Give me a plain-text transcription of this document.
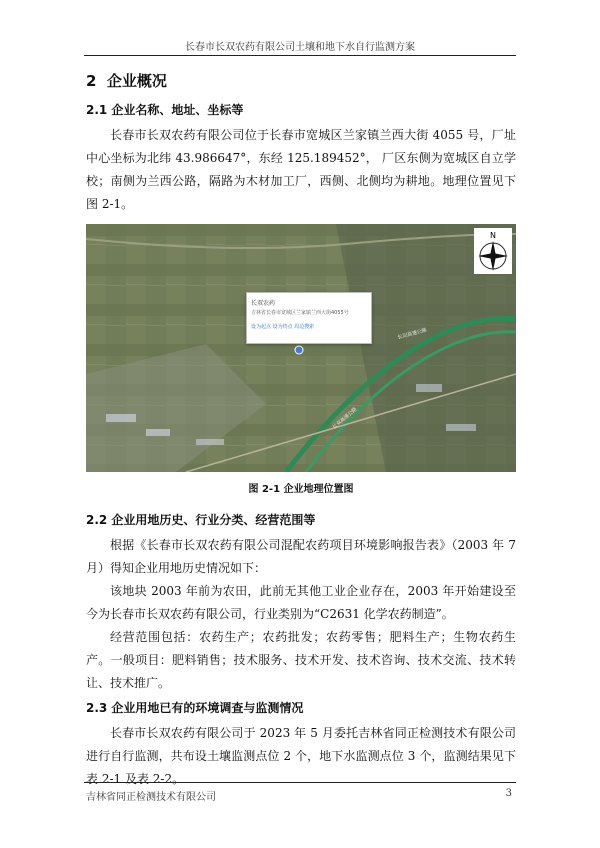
长春市长双农药有限公司土壤和地下水自行监测方案
2 企业概况
2.1 企业名称、地址、坐标等

长春市长双农药有限公司位于长春市宽城区兰家镇兰西大街 4055 号，厂址中心坐标为北纬 43.986647°，东经 125.189452°， 厂区东侧为宽城区自立学校；南侧为兰西公路，隔路为木材加工厂，西侧、北侧均为耕地。地理位置见下图 2-1。

长双农药
吉林省长春市宽城区兰家镇兰西大街4055号
设为起点 设为终点 周边搜索
N
长双高速公路
长双高速公路
图 2-1 企业地理位置图
2.2 企业用地历史、行业分类、经营范围等

根据《长春市长双农药有限公司混配农药项目环境影响报告表》（2003 年 7 月）得知企业用地历史情况如下：

该地块 2003 年前为农田，此前无其他工业企业存在，2003 年开始建设至今为长春市长双农药有限公司，行业类别为“C2631 化学农药制造”。

经营范围包括：农药生产；农药批发；农药零售；肥料生产；生物农药生产。一般项目：肥料销售；技术服务、技术开发、技术咨询、技术交流、技术转让、技术推广。

2.3 企业用地已有的环境调查与监测情况

长春市长双农药有限公司于 2023 年 5 月委托吉林省同正检测技术有限公司进行自行监测，共布设土壤监测点位 2 个，地下水监测点位 3 个，监测结果见下表 2-1 及表 2-2。

吉林省同正检测技术有限公司	3
